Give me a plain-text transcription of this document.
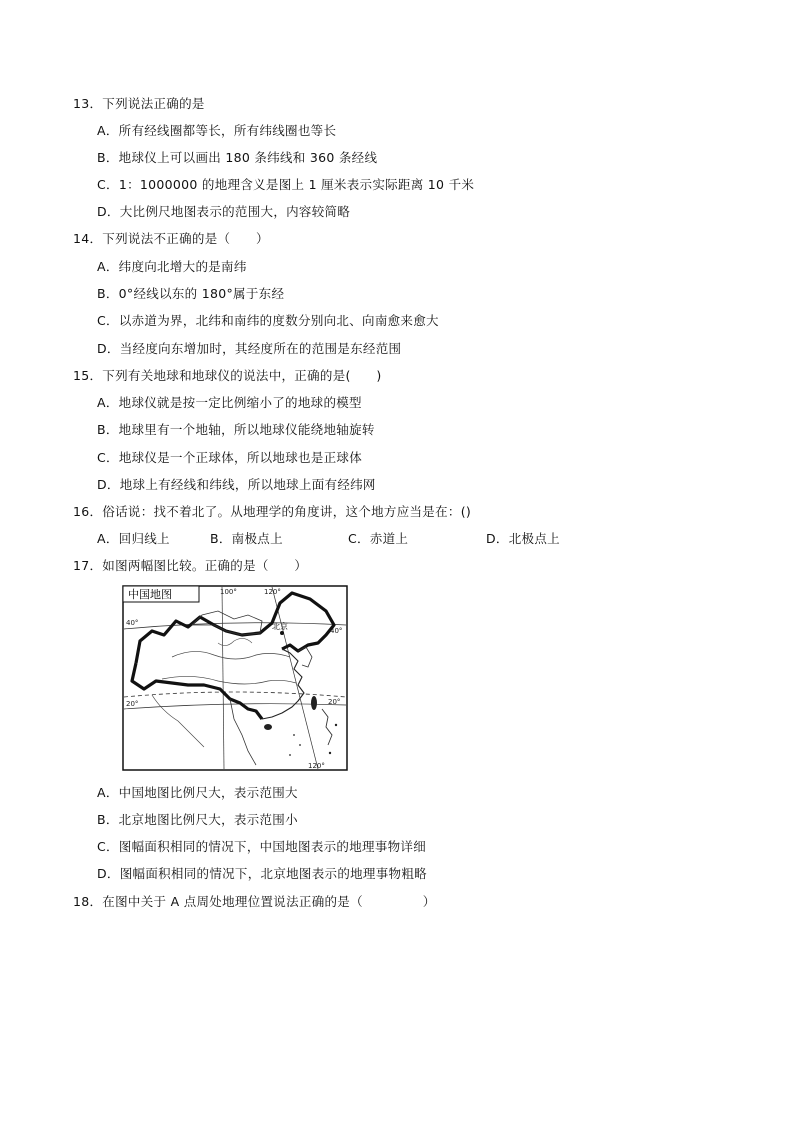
13．下列说法正确的是
A．所有经线圈都等长，所有纬线圈也等长
B．地球仪上可以画出 180 条纬线和 360 条经线
C．1：1000000 的地理含义是图上 1 厘米表示实际距离 10 千米
D．大比例尺地图表示的范围大，内容较简略
14．下列说法不正确的是（      ）
A．纬度向北增大的是南纬
B．0°经线以东的 180°属于东经
C．以赤道为界，北纬和南纬的度数分别向北、向南愈来愈大
D．当经度向东增加时，其经度所在的范围是东经范围
15．下列有关地球和地球仪的说法中，正确的是(      )
A．地球仪就是按一定比例缩小了的地球的模型
B．地球里有一个地轴，所以地球仪能绕地轴旋转
C．地球仪是一个正球体，所以地球也是正球体
D．地球上有经线和纬线，所以地球上面有经纬网
16．俗话说：找不着北了。从地理学的角度讲，这个地方应当是在：()
A．回归线上	B．南极点上	C．赤道上	D．北极点上
17．如图两幅图比较。正确的是（      ）
中国地图	100°	120°
120°
40°
40°
20°	20°
北京
A．中国地图比例尺大，表示范围大
B．北京地图比例尺大，表示范围小
C．图幅面积相同的情况下，中国地图表示的地理事物详细
D．图幅面积相同的情况下，北京地图表示的地理事物粗略
18．在图中关于 A 点周处地理位置说法正确的是（              ）
